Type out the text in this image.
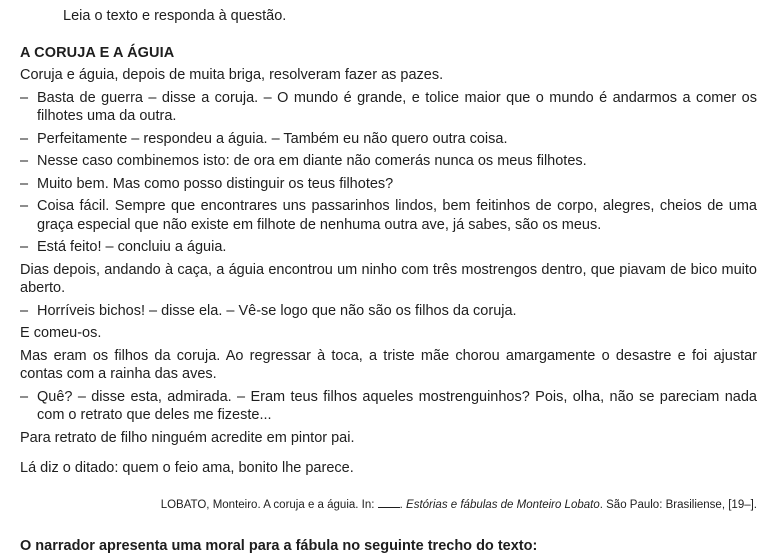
Leia o texto e responda à questão.
A CORUJA E A ÁGUIA
Coruja e águia, depois de muita briga, resolveram fazer as pazes.
– Basta de guerra – disse a coruja. – O mundo é grande, e tolice maior que o mundo é andarmos a comer os filhotes uma da outra.
– Perfeitamente – respondeu a águia. – Também eu não quero outra coisa.
– Nesse caso combinemos isto: de ora em diante não comerás nunca os meus filhotes.
– Muito bem. Mas como posso distinguir os teus filhotes?
– Coisa fácil. Sempre que encontrares uns passarinhos lindos, bem feitinhos de corpo, alegres, cheios de uma graça especial que não existe em filhote de nenhuma outra ave, já sabes, são os meus.
– Está feito! – concluiu a águia.
Dias depois, andando à caça, a águia encontrou um ninho com três mostrengos dentro, que piavam de bico muito aberto.
– Horríveis bichos! – disse ela. – Vê-se logo que não são os filhos da coruja.
E comeu-os.
Mas eram os filhos da coruja. Ao regressar à toca, a triste mãe chorou amargamente o desastre e foi ajustar contas com a rainha das aves.
– Quê? – disse esta, admirada. – Eram teus filhos aqueles mostrenguinhos? Pois, olha, não se pareciam nada com o retrato que deles me fizeste...
Para retrato de filho ninguém acredite em pintor pai.
Lá diz o ditado: quem o feio ama, bonito lhe parece.
LOBATO, Monteiro. A coruja e a águia. In: . Estórias e fábulas de Monteiro Lobato. São Paulo: Brasiliense, [19–].
O narrador apresenta uma moral para a fábula no seguinte trecho do texto:
